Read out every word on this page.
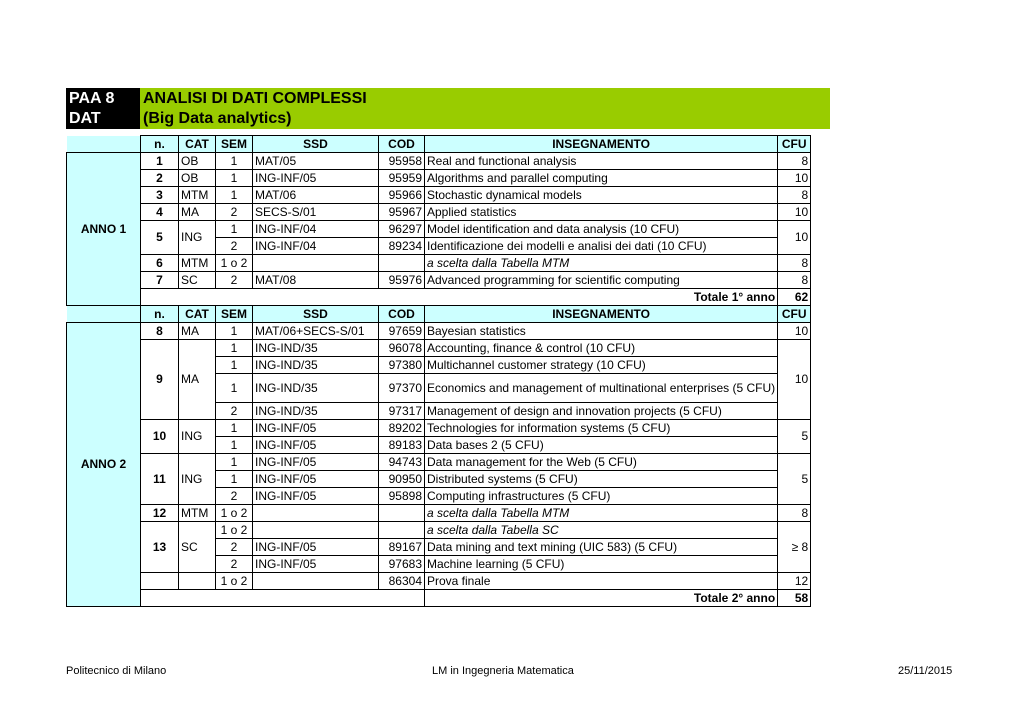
PAA 8
DAT
ANALISI DI DATI COMPLESSI
(Big Data analytics)
	n.	CAT	SEM	SSD	COD	INSEGNAMENTO	CFU
ANNO 1	1	OB	1	MAT/05	95958	Real and functional analysis	8
	2	OB	1	ING-INF/05	95959	Algorithms and parallel computing	10
	3	MTM	1	MAT/06	95966	Stochastic dynamical models	8
	4	MA	2	SECS-S/01	95967	Applied statistics	10
	5	ING	1	ING-INF/04	96297	Model identification and data analysis (10 CFU)	10
			2	ING-INF/04	89234	Identificazione dei modelli e analisi dei dati (10 CFU)	
	6	MTM	1 o 2			a scelta dalla Tabella MTM	8
	7	SC	2	MAT/08	95976	Advanced programming for scientific computing	8
	Totale 1° anno						62
	n.	CAT	SEM	SSD	COD	INSEGNAMENTO	CFU
ANNO 2	8	MA	1	MAT/06+SECS-S/01	97659	Bayesian statistics	10
	9	MA	1	ING-IND/35	96078	Accounting, finance & control (10 CFU)	10
			1	ING-IND/35	97380	Multichannel customer strategy (10 CFU)	
			1	ING-IND/35	97370	Economics and management of multinational enterprises (5 CFU)	
			2	ING-IND/35	97317	Management of design and innovation projects (5 CFU)	
	10	ING	1	ING-INF/05	89202	Technologies for information systems (5 CFU)	5
			1	ING-INF/05	89183	Data bases 2 (5 CFU)	
	11	ING	1	ING-INF/05	94743	Data management for the Web (5 CFU)	5
			1	ING-INF/05	90950	Distributed systems (5 CFU)	
			2	ING-INF/05	95898	Computing infrastructures (5 CFU)	
	12	MTM	1 o 2			a scelta dalla Tabella MTM	8
	13	SC	1 o 2			a scelta dalla Tabella SC	≥ 8
			2	ING-INF/05	89167	Data mining and text mining (UIC 583) (5 CFU)	
			2	ING-INF/05	97683	Machine learning (5 CFU)	
			1 o 2		86304	Prova finale	12
						Totale 2° anno	58
Politecnico di Milano	LM in Ingegneria Matematica	25/11/2015
